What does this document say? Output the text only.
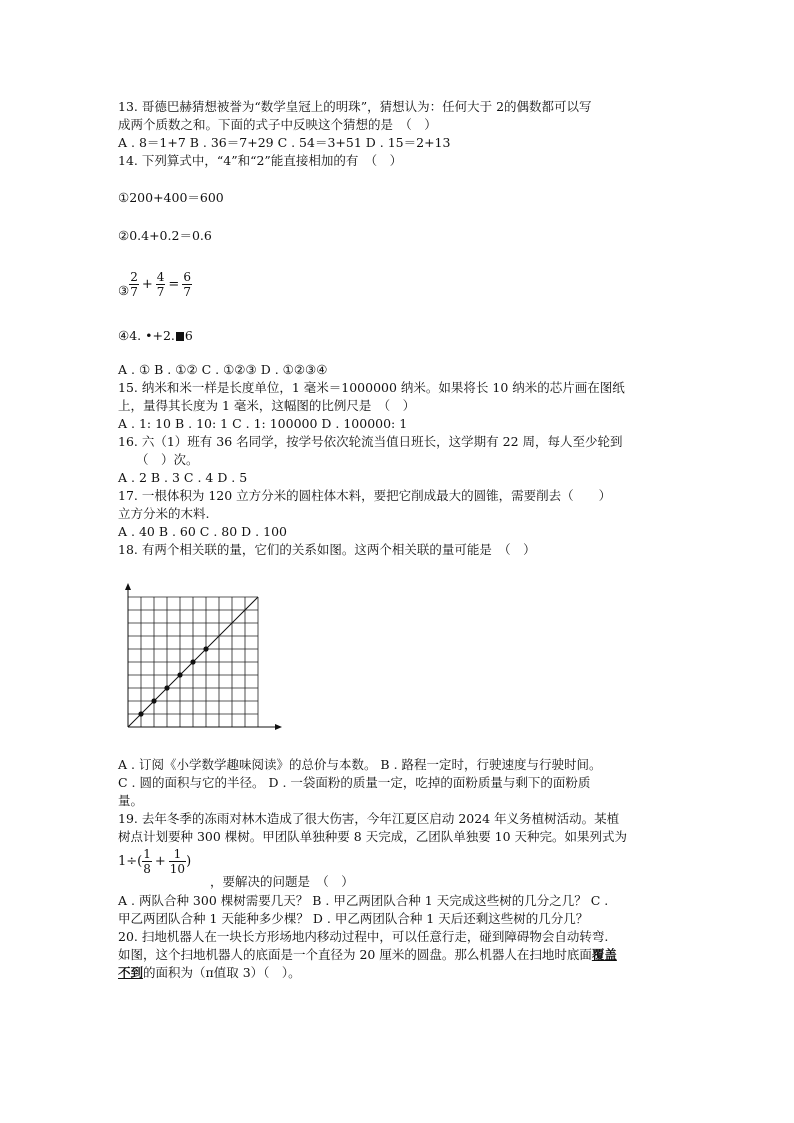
13. 哥德巴赫猜想被誉为“数学皇冠上的明珠”，猜想认为：任何大于 2的偶数都可以写
成两个质数之和。下面的式子中反映这个猜想的是　（　）
A . 8＝1+7 B . 36＝7+29 C . 54＝3+51 D . 15＝2+13
14. 下列算式中，“4”和“2”能直接相加的有　（　）
①200+400＝600
②0.4+0.2＝0.6
③ $\frac{2}{7} + \frac{4}{7} = \frac{6}{7}$
④4. •+2. 6
A . ① B . ①② C . ①②③ D . ①②③④
15. 纳米和米一样是长度单位，1 毫米＝1000000 纳米。如果将长 10 纳米的芯片画在图纸
上，量得其长度为 1 毫米，这幅图的比例尺是　（　）
A . 1: 10 B . 10: 1 C . 1: 100000 D . 100000: 1
16. 六（1）班有 36 名同学，按学号依次轮流当值日班长，这学期有 22 周，每人至少轮到
（　）次。
A . 2 B . 3 C . 4 D . 5
17. 一根体积为 120 立方分米的圆柱体木料，要把它削成最大的圆锥，需要削去（　　）
立方分米的木料.
A . 40 B . 60 C . 80 D . 100
18. 有两个相关联的量，它们的关系如图。这两个相关联的量可能是　（　）
A . 订阅《小学数学趣味阅读》的总价与本数。 B . 路程一定时，行驶速度与行驶时间。
C . 圆的面积与它的半径。 D . 一袋面粉的质量一定，吃掉的面粉质量与剩下的面粉质
量。
19. 去年冬季的冻雨对林木造成了很大伤害，今年江夏区启动 2024 年义务植树活动。某植
树点计划要种 300 棵树。甲团队单独种要 8 天完成，乙团队单独要 10 天种完。如果列式为
$1\div( \frac{1}{8} + \frac{1}{10}$ )
，要解决的问题是　（　）
A . 两队合种 300 棵树需要几天？ B . 甲乙两团队合种 1 天完成这些树的几分之几？ C .
甲乙两团队合种 1 天能种多少棵？ D . 甲乙两团队合种 1 天后还剩这些树的几分几？
20. 扫地机器人在一块长方形场地内移动过程中，可以任意行走，碰到障碍物会自动转弯.
如图，这个扫地机器人的底面是一个直径为 20 厘米的圆盘。那么机器人在扫地时底面覆盖
不到的面积为（π值取 3）（　）。
